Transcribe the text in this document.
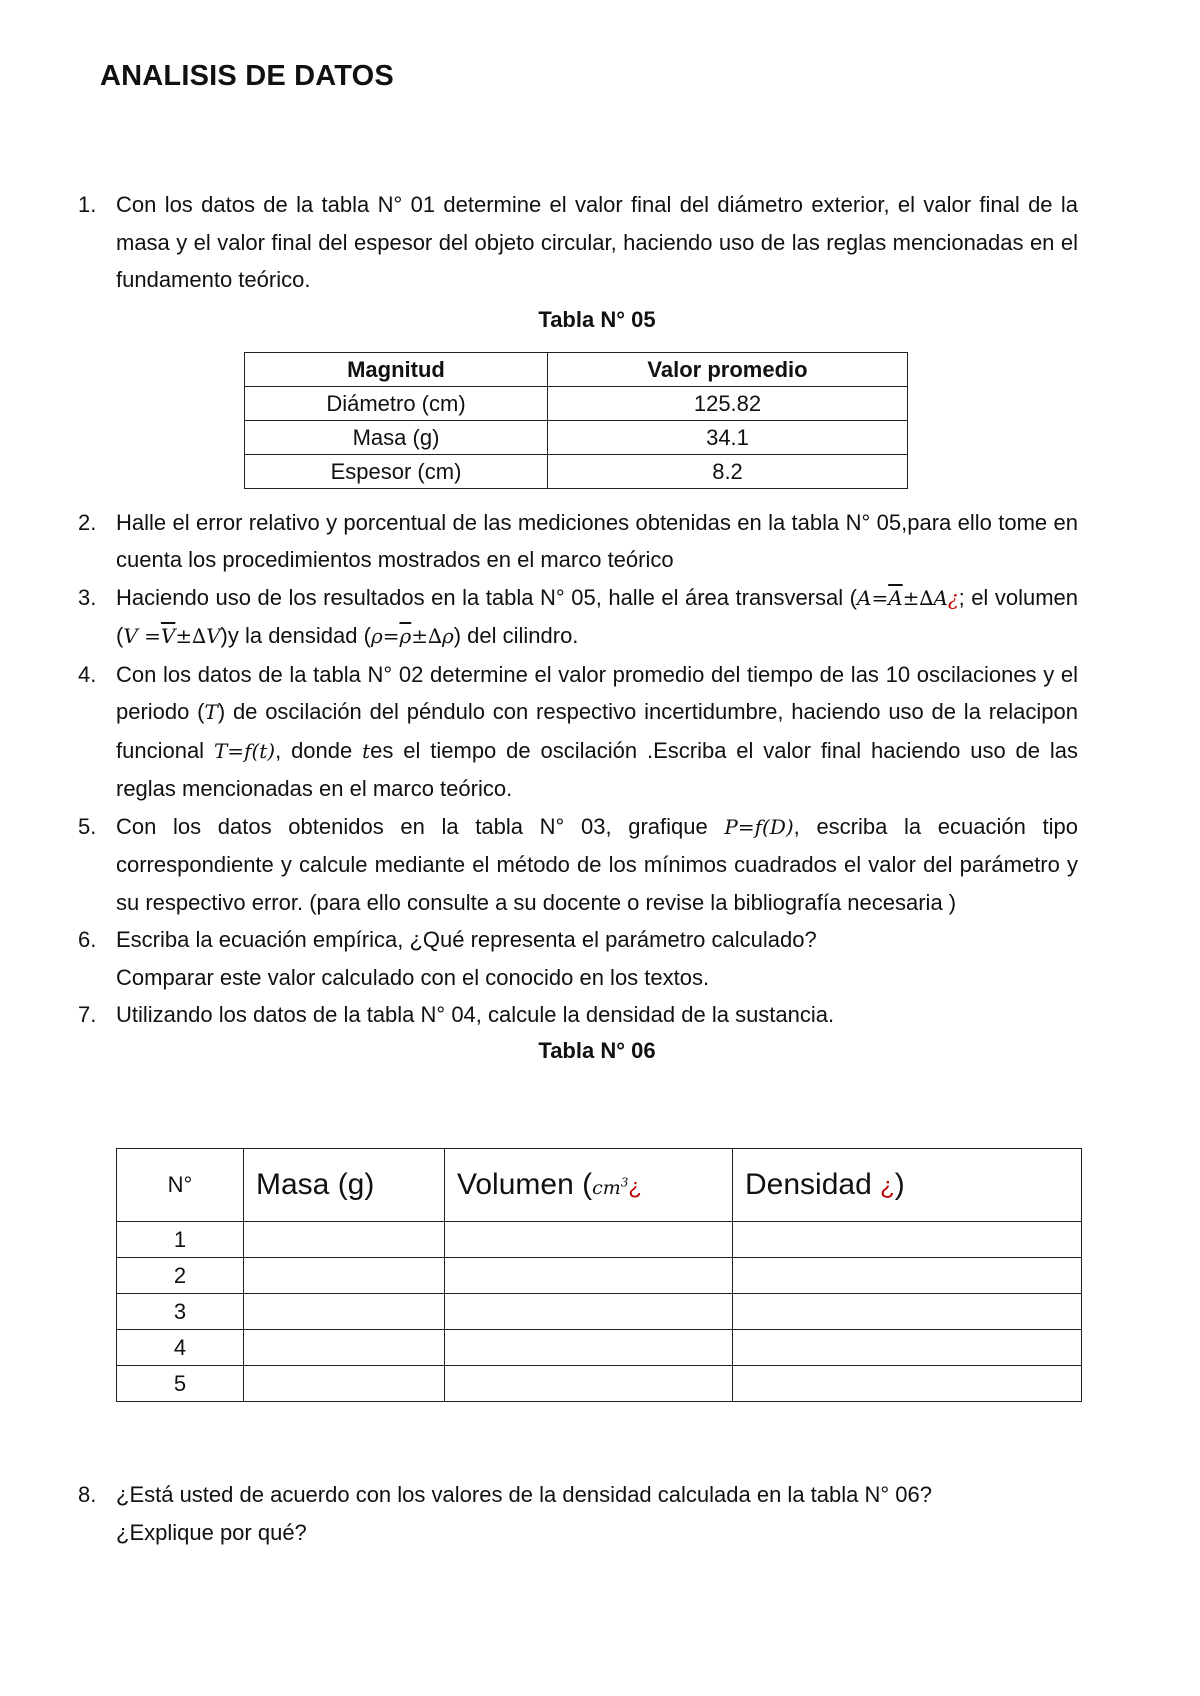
ANALISIS DE DATOS
1. Con los datos de la tabla N° 01 determine el valor final del diámetro exterior, el valor final de la masa y el valor final del espesor del objeto circular, haciendo uso de las reglas mencionadas en el fundamento teórico.
Tabla N° 05
2. Halle el error relativo y porcentual de las mediciones obtenidas en la tabla N° 05,para ello tome en cuenta los procedimientos mostrados en el marco teórico
3. Haciendo uso de los resultados en la tabla N° 05, halle el área transversal ($A=\overline{A}\pm\Delta A¿$; el volumen $(V =\overline{V}\pm\Delta V)y$ la densidad $(\rho=\overline{\rho}\pm\Delta\rho)$ del cilindro.
4. Con los datos de la tabla N° 02 determine el valor promedio del tiempo de las 10 oscilaciones y el periodo (T) de oscilación del péndulo con respectivo incertidumbre, haciendo uso de la relacipon funcional T=f(t), donde tes el tiempo de oscilación .Escriba el valor final haciendo uso de las reglas mencionadas en el marco teórico.
5. Con los datos obtenidos en la tabla N° 03, grafique P=f(D), escriba la ecuación tipo correspondiente y calcule mediante el método de los mínimos cuadrados el valor del parámetro y su respectivo error. (para ello consulte a su docente o revise la bibliografía necesaria )
6. Escriba la ecuación empírica, ¿Qué representa el parámetro calculado?
Comparar este valor calculado con el conocido en los textos.
7. Utilizando los datos de la tabla N° 04, calcule la densidad de la sustancia.
Tabla N° 06
Magnitud	Valor promedio
Diámetro (cm)	125.82
Masa (g)	34.1
Espesor (cm)	8.2
N°	Masa (g)	Volumen ($cm^3¿$	Densidad ¿)
1			
2			
3			
4			
5			
8. ¿Está usted de acuerdo con los valores de la densidad calculada en la tabla N° 06?
¿Explique por qué?
